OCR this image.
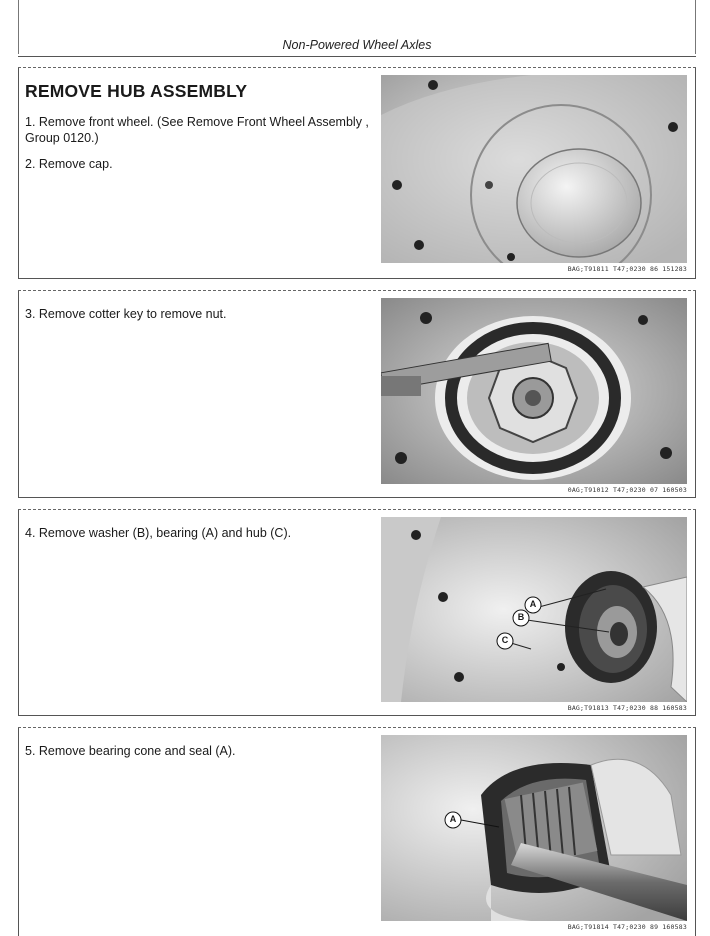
Non-Powered Wheel Axles
REMOVE HUB ASSEMBLY
1. Remove front wheel. (See Remove Front Wheel Assembly , Group 0120.)
2. Remove cap.
BAG;T91811 T47;0230 86 151283
3. Remove cotter key to remove nut.
0AG;T91012 T47;0230 07 160503
4. Remove washer (B), bearing (A) and hub (C).
A
B
C
BAG;T91813 T47;0230 88 160583
5. Remove bearing cone and seal (A).
A
BAG;T91814 T47;0230 89 160583
